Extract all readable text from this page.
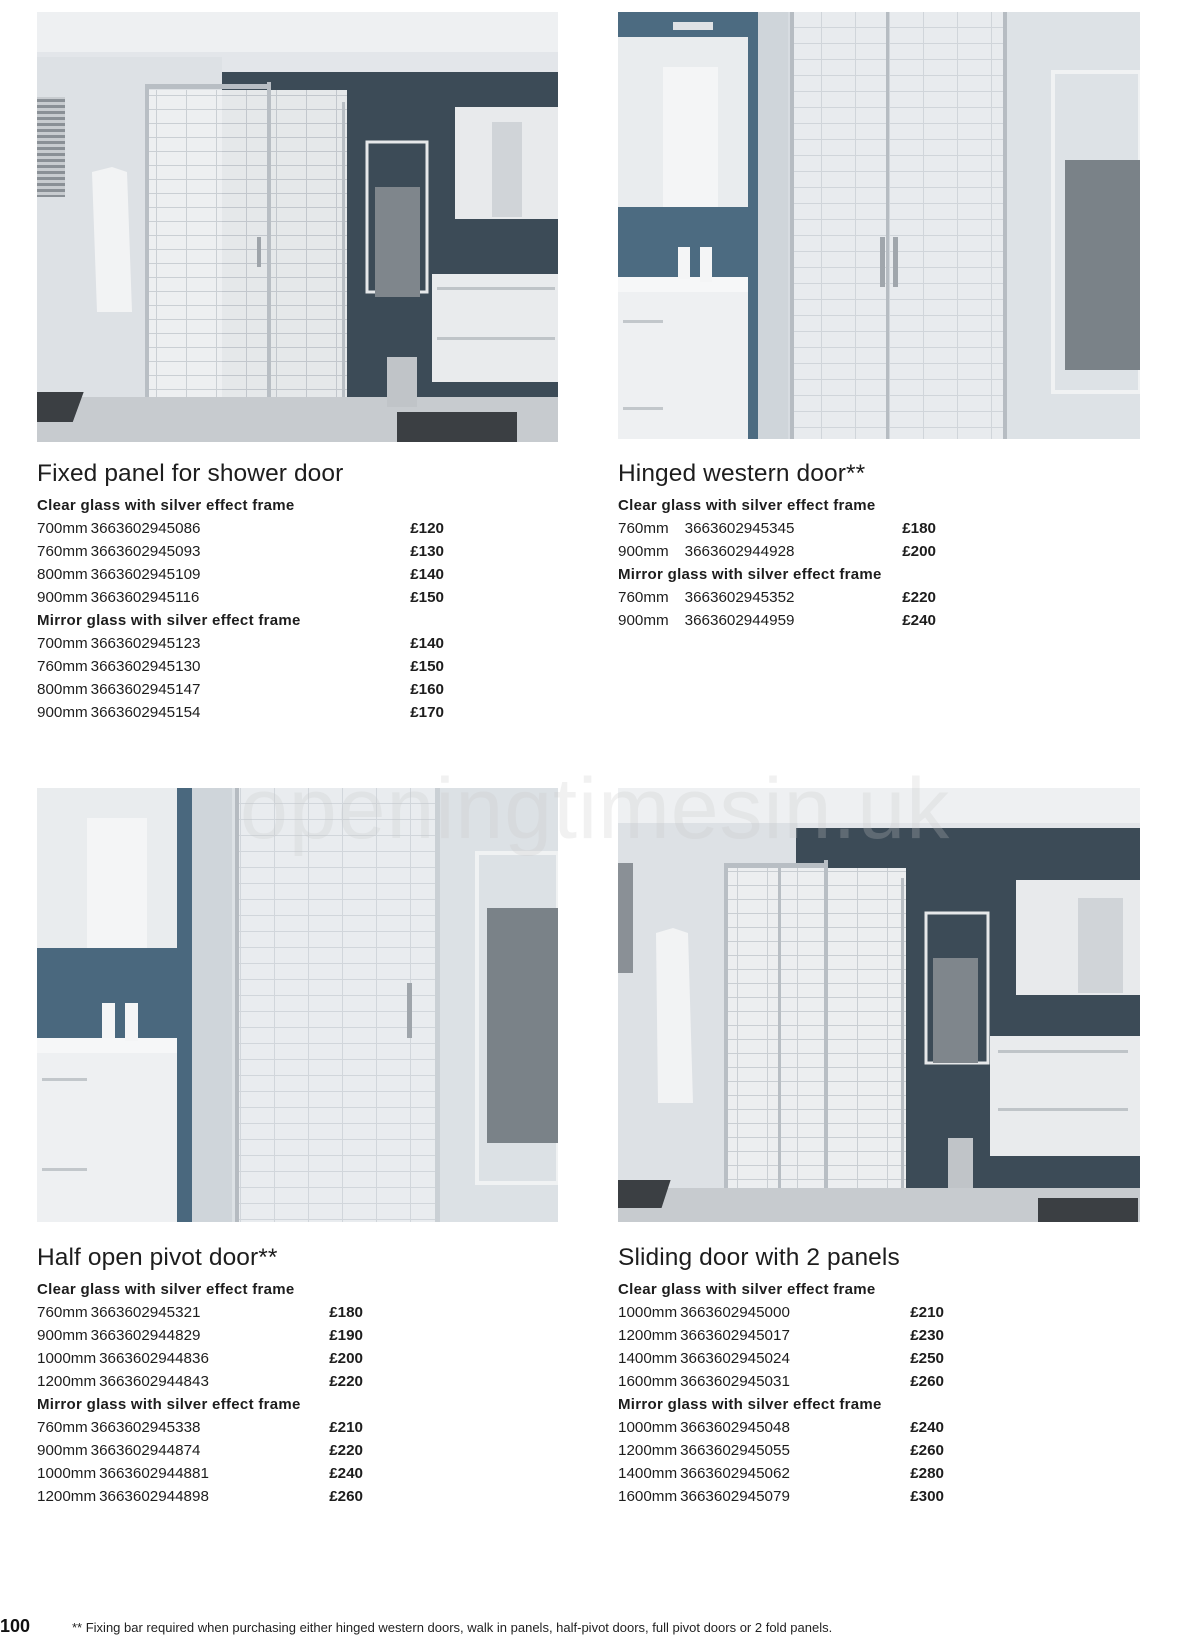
openingtimesin.uk
Fixed panel for shower door
Clear glass with silver effect frame
700mm 3663602945086	£120
760mm 3663602945093	£130
800mm 3663602945109	£140
900mm 3663602945116	£150
Mirror glass with silver effect frame
700mm 3663602945123	£140
760mm 3663602945130	£150
800mm 3663602945147	£160
900mm 3663602945154	£170
Hinged western door**
Clear glass with silver effect frame
760mm 3663602945345	£180
900mm 3663602944928	£200
Mirror glass with silver effect frame
760mm 3663602945352	£220
900mm 3663602944959	£240
Half open pivot door**
Clear glass with silver effect frame
760mm 3663602945321	£180
900mm 3663602944829	£190
1000mm 3663602944836	£200
1200mm 3663602944843	£220
Mirror glass with silver effect frame
760mm 3663602945338	£210
900mm 3663602944874	£220
1000mm 3663602944881	£240
1200mm 3663602944898	£260
Sliding door with 2 panels
Clear glass with silver effect frame
1000mm 3663602945000	£210
1200mm 3663602945017	£230
1400mm 3663602945024	£250
1600mm 3663602945031	£260
Mirror glass with silver effect frame
1000mm 3663602945048	£240
1200mm 3663602945055	£260
1400mm 3663602945062	£280
1600mm 3663602945079	£300
100	** Fixing bar required when purchasing either hinged western doors, walk in panels, half-pivot doors, full pivot doors or 2 fold panels.
